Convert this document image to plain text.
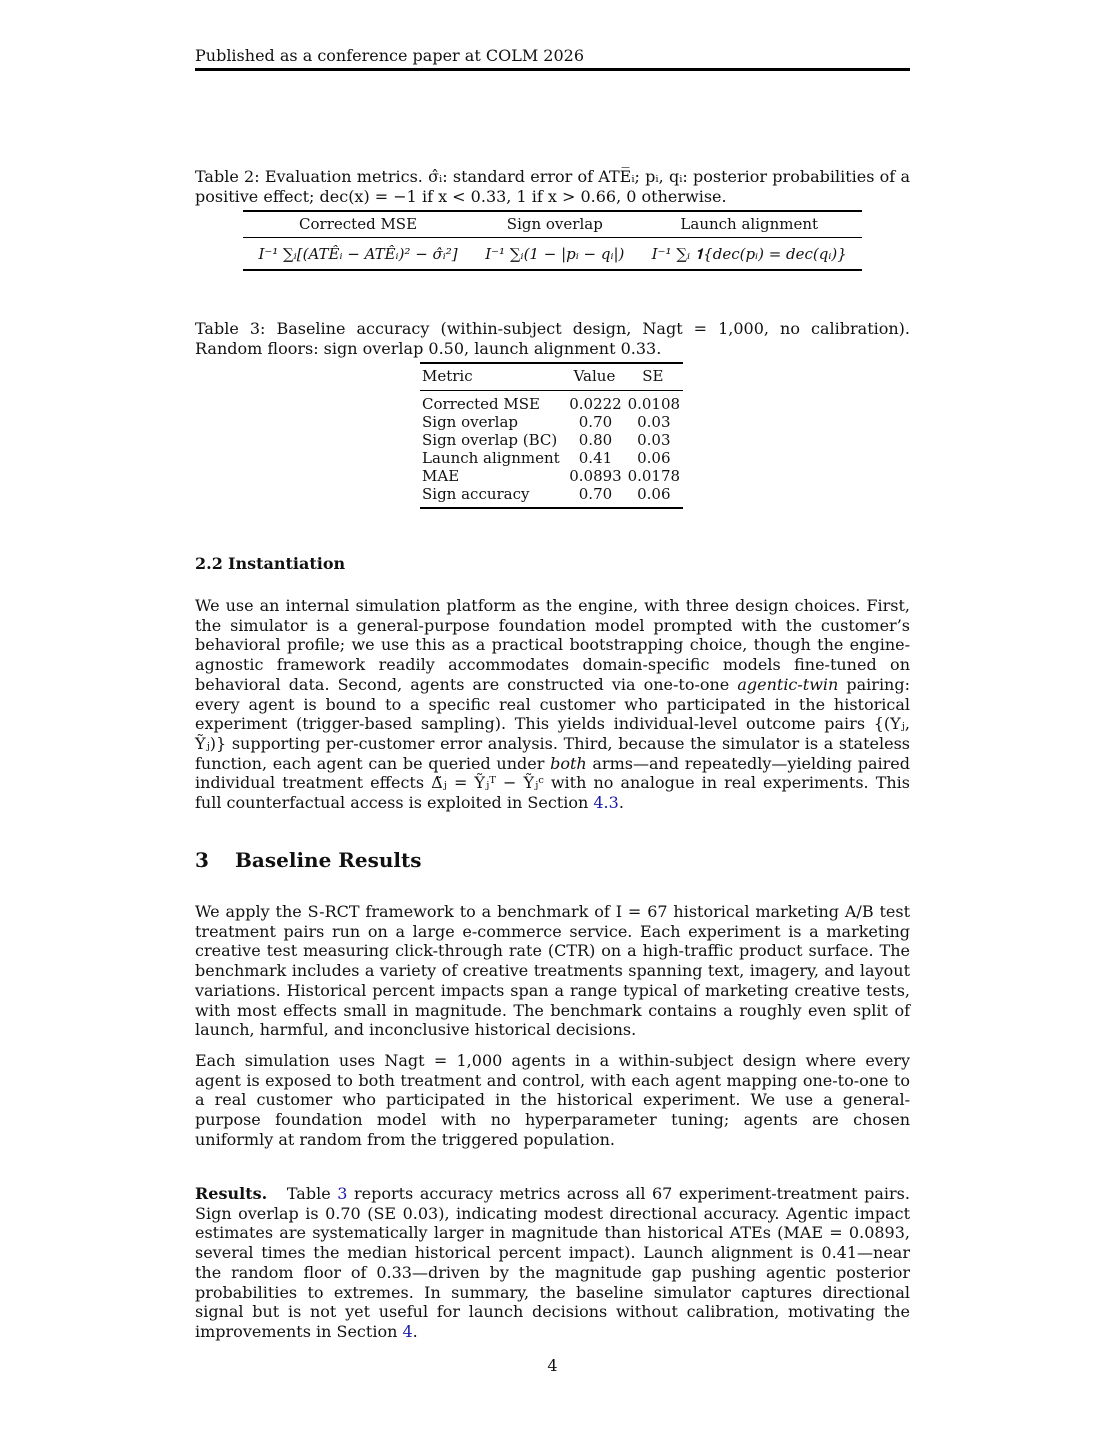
Published as a conference paper at COLM 2026
Table 2: Evaluation metrics. σ̂ᵢ: standard error of ATE̅ᵢ; pᵢ, qᵢ: posterior probabilities of a positive effect; dec(x) = −1 if x < 0.33, 1 if x > 0.66, 0 otherwise.
Corrected MSE	Sign overlap	Launch alignment
I⁻¹ ∑ᵢ[(ATÊᵢ − ATÊᵢ)² − σ̂ᵢ²]	I⁻¹ ∑ᵢ(1 − |pᵢ − qᵢ|)	I⁻¹ ∑ᵢ 𝟏{dec(pᵢ) = dec(qᵢ)}
Table 3: Baseline accuracy (within-subject design, Nagt = 1,000, no calibration). Random floors: sign overlap 0.50, launch alignment 0.33.
Metric	Value	SE
Corrected MSE	0.0222	0.0108
Sign overlap	0.70	0.03
Sign overlap (BC)	0.80	0.03
Launch alignment	0.41	0.06
MAE	0.0893	0.0178
Sign accuracy	0.70	0.06
2.2 Instantiation

We use an internal simulation platform as the engine, with three design choices. First, the simulator is a general-purpose foundation model prompted with the customer’s behavioral profile; we use this as a practical bootstrapping choice, though the engine-agnostic framework readily accommodates domain-specific models fine-tuned on behavioral data. Second, agents are constructed via one-to-one agentic-twin pairing: every agent is bound to a specific real customer who participated in the historical experiment (trigger-based sampling). This yields individual-level outcome pairs {(Yⱼ, Ỹⱼ)} supporting per-customer error analysis. Third, because the simulator is a stateless function, each agent can be queried under both arms—and repeatedly—yielding paired individual treatment effects Δ̃ⱼ = Ỹⱼᵀ − Ỹⱼᶜ with no analogue in real experiments. This full counterfactual access is exploited in Section 4.3.

3 Baseline Results

We apply the S-RCT framework to a benchmark of I = 67 historical marketing A/B test treatment pairs run on a large e-commerce service. Each experiment is a marketing creative test measuring click-through rate (CTR) on a high-traffic product surface. The benchmark includes a variety of creative treatments spanning text, imagery, and layout variations. Historical percent impacts span a range typical of marketing creative tests, with most effects small in magnitude. The benchmark contains a roughly even split of launch, harmful, and inconclusive historical decisions.

Each simulation uses Nagt = 1,000 agents in a within-subject design where every agent is exposed to both treatment and control, with each agent mapping one-to-one to a real customer who participated in the historical experiment. We use a general-purpose foundation model with no hyperparameter tuning; agents are chosen uniformly at random from the triggered population.

Results. Table 3 reports accuracy metrics across all 67 experiment-treatment pairs. Sign overlap is 0.70 (SE 0.03), indicating modest directional accuracy. Agentic impact estimates are systematically larger in magnitude than historical ATEs (MAE = 0.0893, several times the median historical percent impact). Launch alignment is 0.41—near the random floor of 0.33—driven by the magnitude gap pushing agentic posterior probabilities to extremes. In summary, the baseline simulator captures directional signal but is not yet useful for launch decisions without calibration, motivating the improvements in Section 4.

4
